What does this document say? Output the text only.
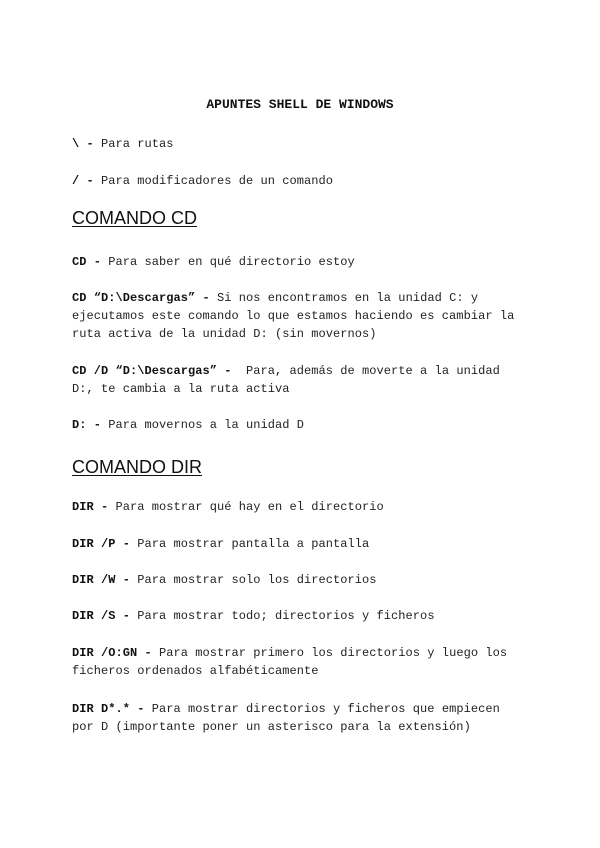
APUNTES SHELL DE WINDOWS
\ - Para rutas
/ - Para modificadores de un comando
COMANDO CD
CD - Para saber en qué directorio estoy
CD “D:\Descargas” - Si nos encontramos en la unidad C: y ejecutamos este comando lo que estamos haciendo es cambiar la ruta activa de la unidad D: (sin movernos)
CD /D “D:\Descargas” -  Para, además de moverte a la unidad D:, te cambia a la ruta activa
D: - Para movernos a la unidad D
COMANDO DIR
DIR - Para mostrar qué hay en el directorio
DIR /P - Para mostrar pantalla a pantalla
DIR /W - Para mostrar solo los directorios
DIR /S - Para mostrar todo; directorios y ficheros
DIR /O:GN - Para mostrar primero los directorios y luego los ficheros ordenados alfabéticamente
DIR D*.* - Para mostrar directorios y ficheros que empiecen por D (importante poner un asterisco para la extensión)
